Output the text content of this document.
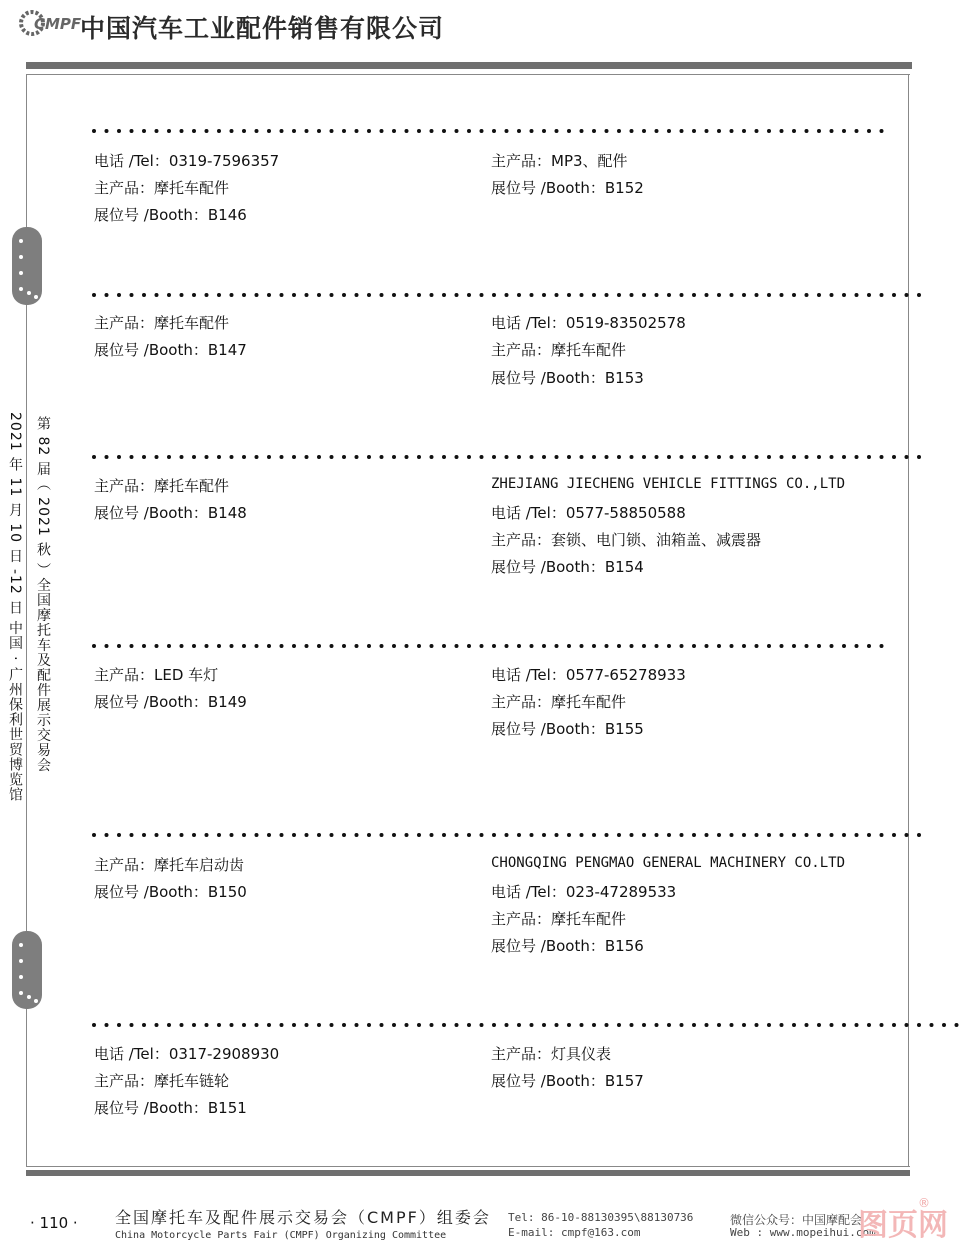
CMPF
中国汽车工业配件销售有限公司
2021 年 11 月 10 日 -12 日 中国 · 广州保利世贸博览馆 第 82 届（ 2021 秋 ）全国摩托车及配件展示交易会
电话 /Tel：0319-7596357
主产品：摩托车配件
展位号 /Booth：B146
主产品：MP3、配件
展位号 /Booth：B152
主产品：摩托车配件
展位号 /Booth：B147
电话 /Tel：0519-83502578
主产品：摩托车配件
展位号 /Booth：B153
主产品：摩托车配件
展位号 /Booth：B148
ZHEJIANG JIECHENG VEHICLE FITTINGS CO.,LTD
电话 /Tel：0577-58850588
主产品：套锁、电门锁、油箱盖、减震器
展位号 /Booth：B154
主产品：LED 车灯
展位号 /Booth：B149
电话 /Tel：0577-65278933
主产品：摩托车配件
展位号 /Booth：B155
主产品：摩托车启动齿
展位号 /Booth：B150
CHONGQING PENGMAO GENERAL MACHINERY CO.LTD
电话 /Tel：023-47289533
主产品：摩托车配件
展位号 /Booth：B156
电话 /Tel：0317-2908930
主产品：摩托车链轮
展位号 /Booth：B151
主产品：灯具仪表
展位号 /Booth：B157
· 110 · 全国摩托车及配件展示交易会（CMPF）组委会
China Motorcycle Parts Fair (CMPF) Organizing Committee
Tel: 86-10-88130395\88130736
E-mail: cmpf@163.com
微信公众号：中国摩配会
Web : www.mopeihui.com
图页网
®
